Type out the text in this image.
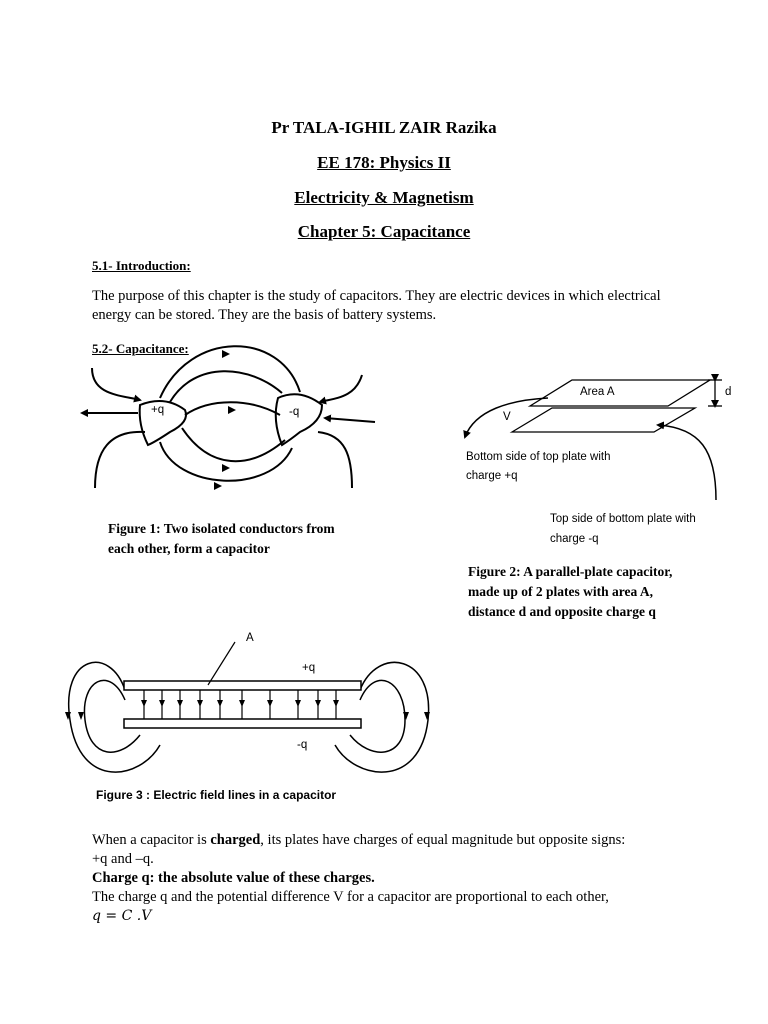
Pr TALA-IGHIL ZAIR Razika
EE 178: Physics II
Electricity & Magnetism
Chapter 5: Capacitance
5.1- Introduction:
The purpose of this chapter is the study of capacitors. They are electric devices in which electrical energy can be stored. They are the basis of battery systems.
5.2- Capacitance:
+q	-q
Figure 1: Two isolated conductors from
each other, form a capacitor
Area A	d
V
Bottom side of top plate with
charge +q
Top side of bottom plate with
charge -q
Figure 2: A parallel-plate capacitor,
made up of 2 plates with area A,
distance d and opposite charge q
A
+q
-q
Figure 3 : Electric field lines in a capacitor
When a capacitor is charged, its plates have charges of equal magnitude but opposite signs:
+q and –q.
Charge q: the absolute value of these charges.
The charge q and the potential difference V for a capacitor are proportional to each other,
q = C .V
